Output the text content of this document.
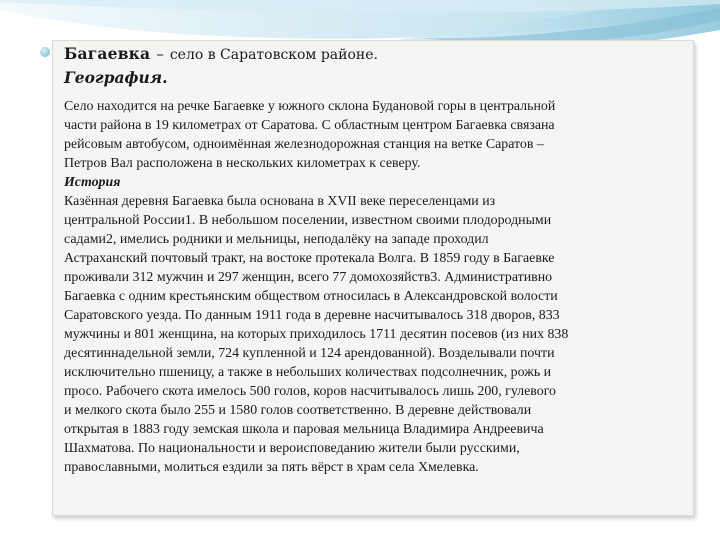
Багаевка – село в Саратовском районе.
География.
Село находится на речке Багаевке у южного склона Будановой горы в центральной
части района в 19 километрах от Саратова. С областным центром Багаевка связана
рейсовым автобусом, одноимённая железнодорожная станция на ветке Саратов –
Петров Вал расположена в нескольких километрах к северу.
История
Казённая деревня Багаевка была основана в XVII веке переселенцами из
центральной России1. В небольшом поселении, известном своими плодородными
садами2, имелись родники и мельницы, неподалёку на западе проходил
Астраханский почтовый тракт, на востоке протекала Волга. В 1859 году в Багаевке
проживали 312 мужчин и 297 женщин, всего 77 домохозяйств3. Административно
Багаевка с одним крестьянским обществом относилась в Александровской волости
Саратовского уезда. По данным 1911 года в деревне насчитывалось 318 дворов, 833
мужчины и 801 женщина, на которых приходилось 1711 десятин посевов (из них 838
десятиннадельной земли, 724 купленной и 124 арендованной). Возделывали почти
исключительно пшеницу, а также в небольших количествах подсолнечник, рожь и
просо. Рабочего скота имелось 500 голов, коров насчитывалось лишь 200, гулевого
и мелкого скота было 255 и 1580 голов соответственно. В деревне действовали
открытая в 1883 году земская школа и паровая мельница Владимира Андреевича
Шахматова. По национальности и вероисповеданию жители были русскими,
православными, молиться ездили за пять вёрст в храм села Хмелевка.
